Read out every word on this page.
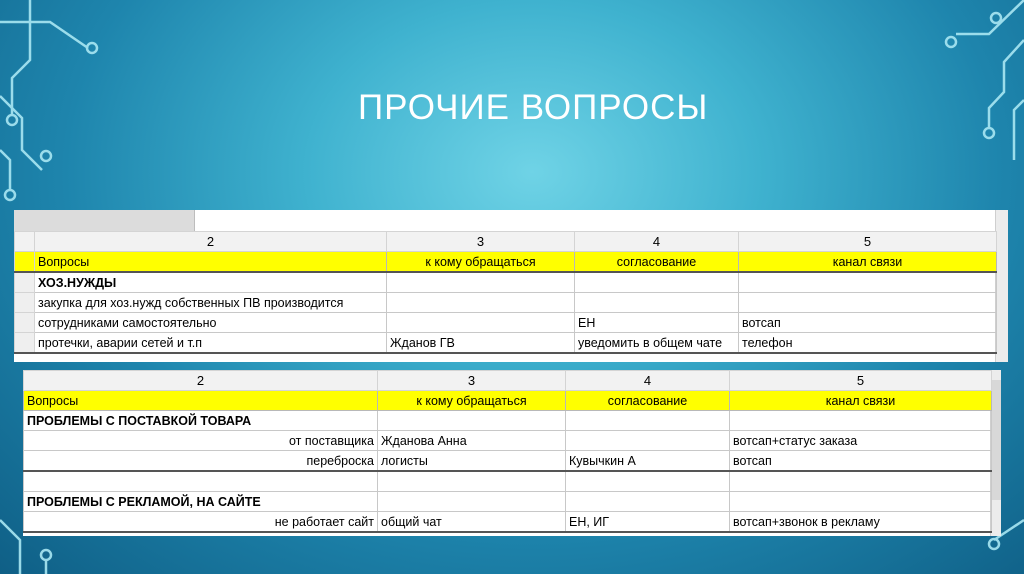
ПРОЧИЕ ВОПРОСЫ
	2	3	4	5
	Вопросы	к кому обращаться	согласование	канал связи
	ХОЗ.НУЖДЫ			
	закупка для хоз.нужд собственных ПВ производится			
	сотрудниками самостоятельно		ЕН	вотсап
	протечки, аварии сетей и т.п	Жданов ГВ	уведомить в общем чате	телефон
2	3	4	5
Вопросы	к кому обращаться	согласование	канал связи
ПРОБЛЕМЫ С ПОСТАВКОЙ ТОВАРА			
от поставщика	Жданова Анна		вотсап+статус заказа
переброска	логисты	Кувычкин А	вотсап

ПРОБЛЕМЫ С РЕКЛАМОЙ, НА САЙТЕ			
не работает сайт	общий чат	ЕН, ИГ	вотсап+звонок в рекламу
